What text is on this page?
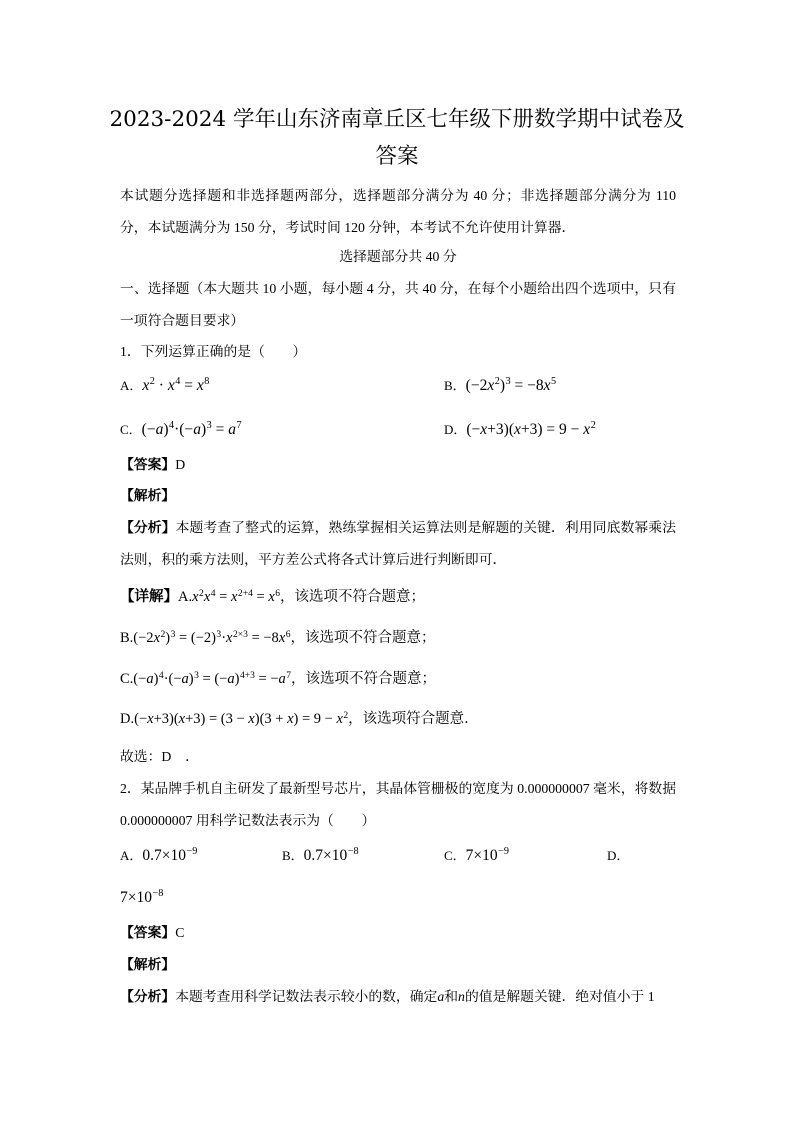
2023-2024 学年山东济南章丘区七年级下册数学期中试卷及
答案
本试题分选择题和非选择题两部分，选择题部分满分为 40 分；非选择题部分满分为 110 分，本试题满分为 150 分，考试时间 120 分钟，本考试不允许使用计算器．
选择题部分共 40 分
一、选择题（本大题共 10 小题，每小题 4 分，共 40 分，在每个小题给出四个选项中，只有一项符合题目要求）
1．下列运算正确的是（　　）
A．$x^2 \cdot x^4 = x^8$	B．$(-2x^2)^3 = -8x^5$
C．$(-a)^4\cdot(-a)^3 = a^7$	D．$(-x+3)(x+3) = 9 - x^2$
【答案】D
【解析】
【分析】本题考查了整式的运算，熟练掌握相关运算法则是解题的关键．利用同底数幂乘法法则，积的乘方法则，平方差公式将各式计算后进行判断即可．
【详解】$A.x^2x^4 = x^{2+4} = x^6$，该选项不符合题意；
$B.(-2x^2)^3 = (-2)^3\cdot x^{2\times 3} = -8x^6$，该选项不符合题意；
$C.(-a)^4\cdot(-a)^3 = (-a)^{4+3} = -a^7$，该选项不符合题意；
$D.(-x+3)(x+3) = (3 - x)(3 + x) = 9 - x^2$，该选项符合题意．
故选：D　．
2．某品牌手机自主研发了最新型号芯片，其晶体管栅极的宽度为 0.000000007 毫米，将数据 0.000000007 用科学记数法表示为（　　）
A．$0.7\times 10^{-9}$	B．$0.7\times 10^{-8}$	C．$7\times 10^{-9}$	D．
$7\times 10^{-8}$
【答案】C
【解析】
【分析】本题考查用科学记数法表示较小的数，确定a和n的值是解题关键．绝对值小于 1
